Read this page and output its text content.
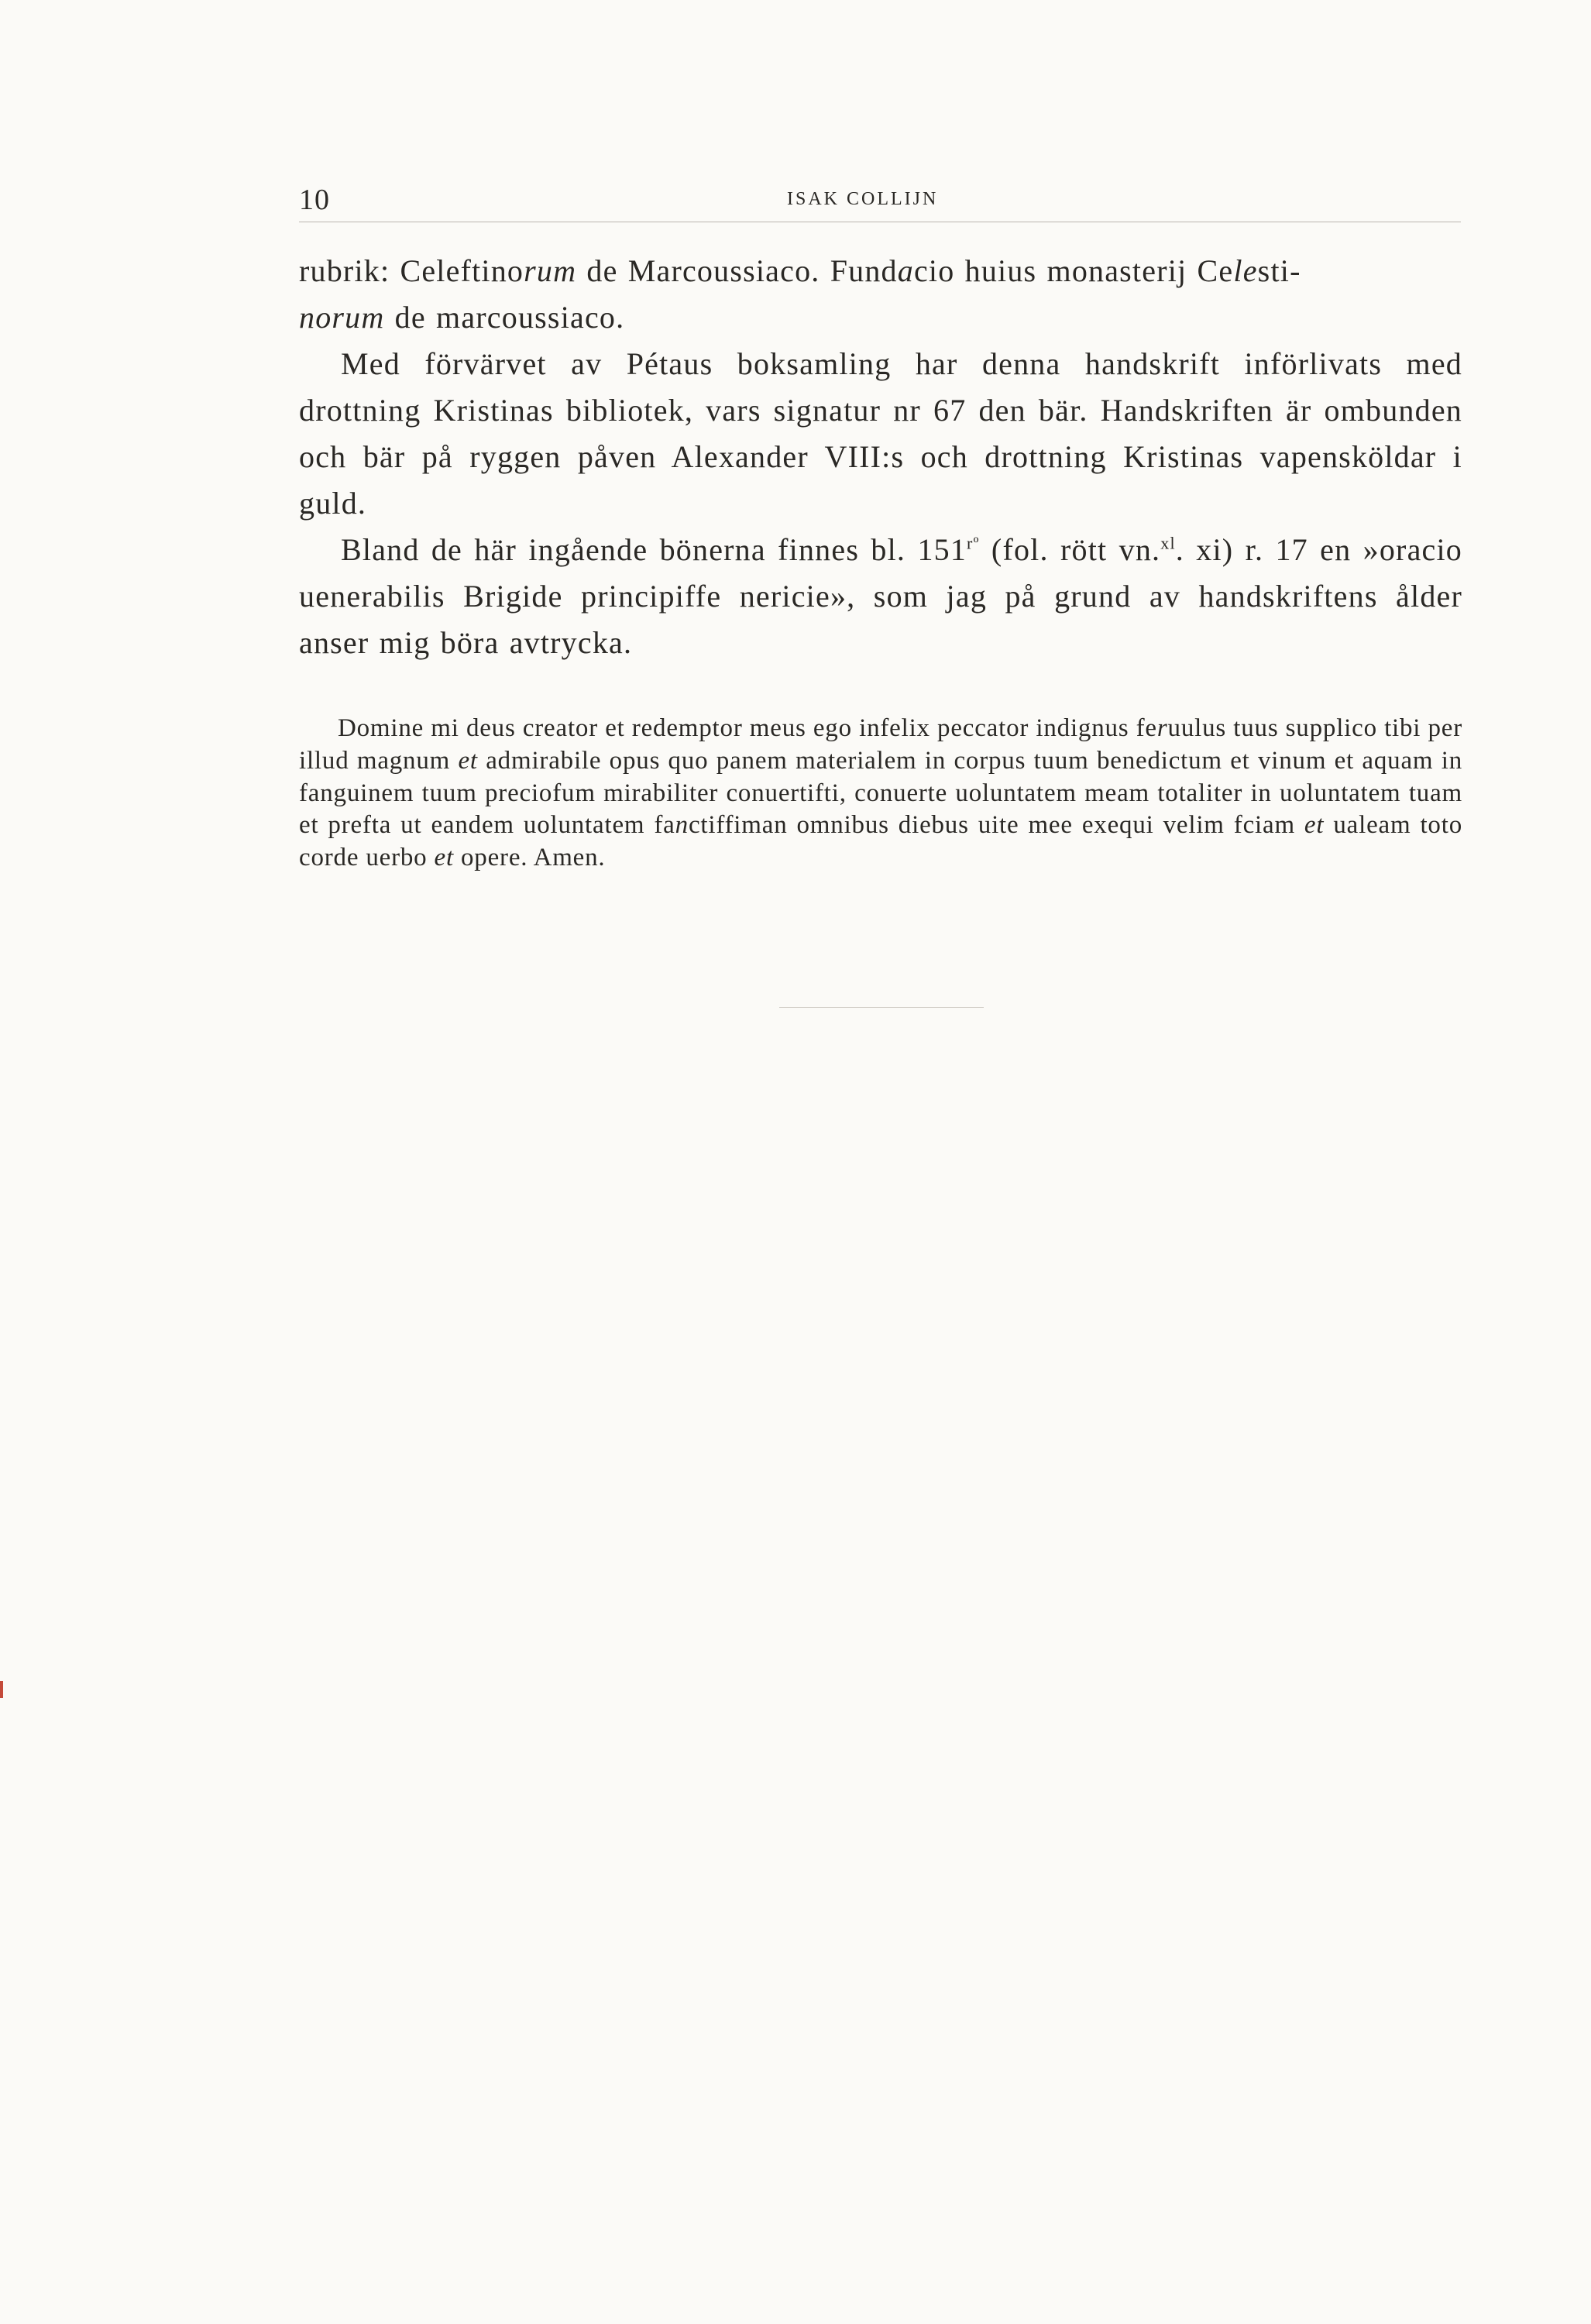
10	ISAK COLLIJN

rubrik: Celeftinorum de Marcoussiaco. Fundacio huius monasterij Celesti-
norum de marcoussiaco.

Med förvärvet av Pétaus boksamling har denna handskrift införlivats med drottning Kristinas bibliotek, vars signatur nr 67 den bär. Handskriften är ombunden och bär på ryggen påven Alexander VIII:s och drottning Kristinas vapensköldar i guld.

Bland de här ingående bönerna finnes bl. $151^{rº}$ (fol. rött vn.$^{xl}$. xi) r. 17 en »oracio uenerabilis Brigide principiffe nericie», som jag på grund av handskriftens ålder anser mig böra avtrycka.

Domine mi deus creator et redemptor meus ego infelix peccator indignus feruulus tuus supplico tibi per illud magnum et admirabile opus quo panem materialem in corpus tuum benedictum et vinum et aquam in fanguinem tuum preciofum mirabiliter conuertifti, conuerte uoluntatem meam totaliter in uoluntatem tuam et prefta ut eandem uoluntatem fanctiffiman omnibus diebus uite mee exequi velim fciam et ualeam toto corde uerbo et opere. Amen.
